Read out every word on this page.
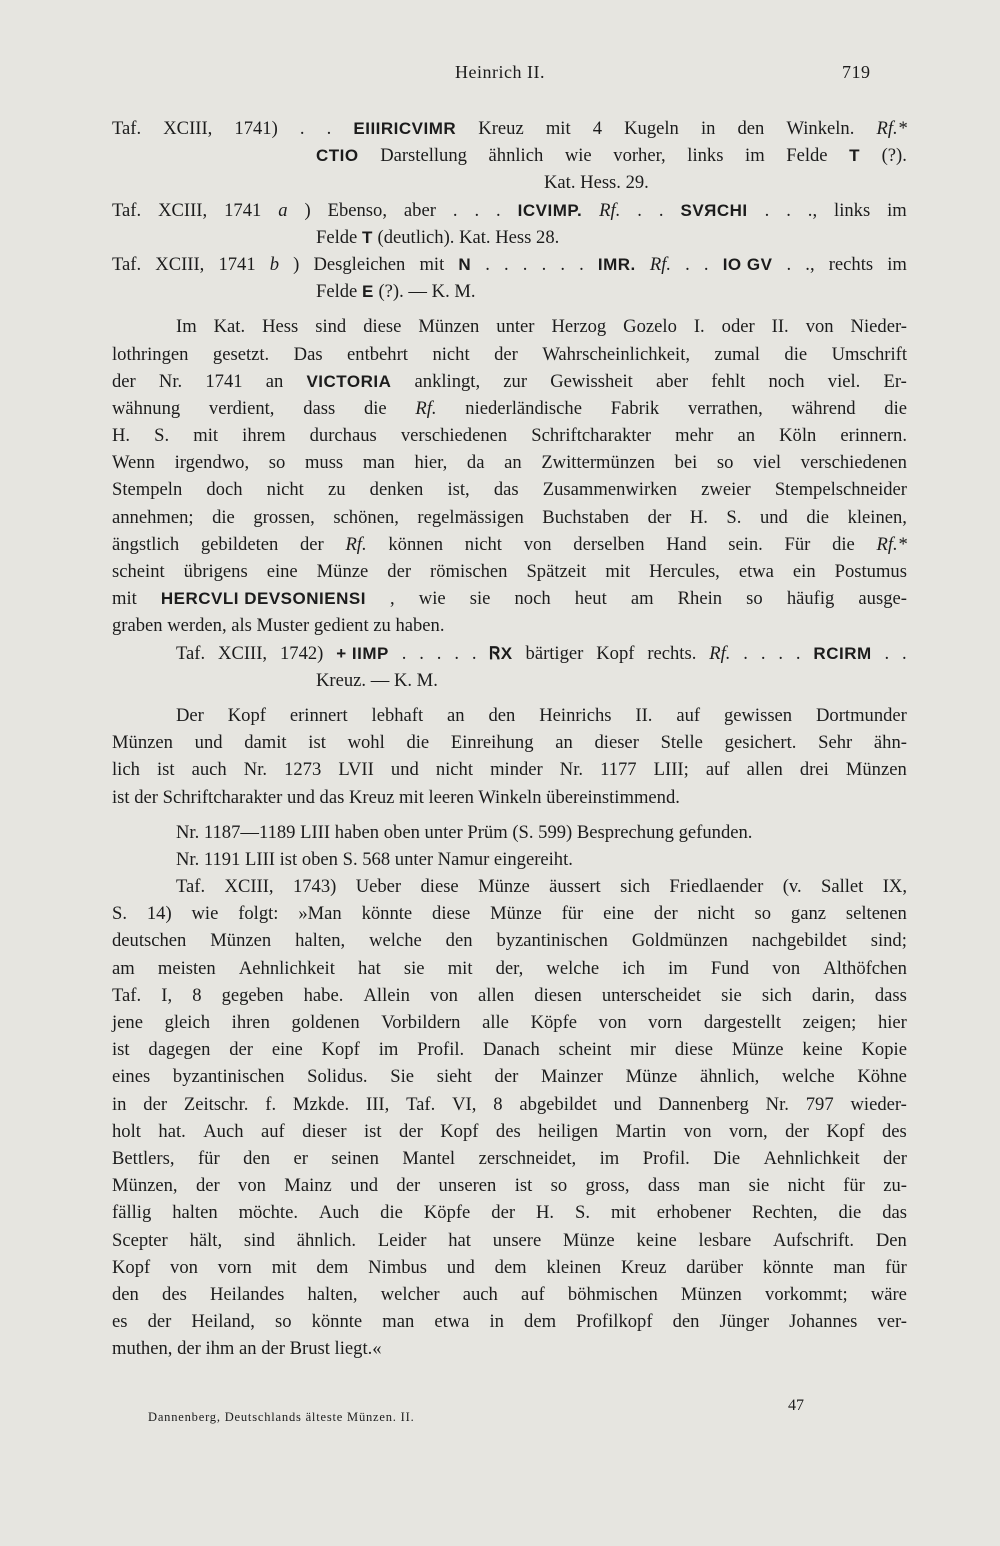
Heinrich II.	719
Taf. XCIII, 1741) . . EIIIRICVIMR Kreuz mit 4 Kugeln in den Winkeln. Rf.*
CTIO Darstellung ähnlich wie vorher, links im Felde T (?).
Kat. Hess. 29.
Taf. XCIII, 1741 a ) Ebenso, aber . . . ICVIMP. Rf. . . SVЯCHI . . ., links im
Felde T (deutlich). Kat. Hess 28.
Taf. XCIII, 1741 b ) Desgleichen mit N . . . . . . IMR. Rf. . . IO GV . ., rechts im
Felde E (?). — K. M.
Im Kat. Hess sind diese Münzen unter Herzog Gozelo I. oder II. von Nieder-
lothringen gesetzt. Das entbehrt nicht der Wahrscheinlichkeit, zumal die Umschrift
der Nr. 1741 an VICTORIA anklingt, zur Gewissheit aber fehlt noch viel. Er-
wähnung verdient, dass die Rf. niederländische Fabrik verrathen, während die
H. S. mit ihrem durchaus verschiedenen Schriftcharakter mehr an Köln erinnern.
Wenn irgendwo, so muss man hier, da an Zwittermünzen bei so viel verschiedenen
Stempeln doch nicht zu denken ist, das Zusammenwirken zweier Stempelschneider
annehmen; die grossen, schönen, regelmässigen Buchstaben der H. S. und die kleinen,
ängstlich gebildeten der Rf. können nicht von derselben Hand sein. Für die Rf.*
scheint übrigens eine Münze der römischen Spätzeit mit Hercules, etwa ein Postumus
mit HERCVLI DEVSONIENSI , wie sie noch heut am Rhein so häufig ausge-
graben werden, als Muster gedient zu haben.
Taf. XCIII, 1742) + IIMP . . . . . ᏒX bärtiger Kopf rechts. Rf. . . . . RCIRM . .
Kreuz. — K. M.
Der Kopf erinnert lebhaft an den Heinrichs II. auf gewissen Dortmunder
Münzen und damit ist wohl die Einreihung an dieser Stelle gesichert. Sehr ähn-
lich ist auch Nr. 1273 LVII und nicht minder Nr. 1177 LIII; auf allen drei Münzen
ist der Schriftcharakter und das Kreuz mit leeren Winkeln übereinstimmend.
Nr. 1187—1189 LIII haben oben unter Prüm (S. 599) Besprechung gefunden.
Nr. 1191 LIII ist oben S. 568 unter Namur eingereiht.
Taf. XCIII, 1743) Ueber diese Münze äussert sich Friedlaender (v. Sallet IX,
S. 14) wie folgt: »Man könnte diese Münze für eine der nicht so ganz seltenen
deutschen Münzen halten, welche den byzantinischen Goldmünzen nachgebildet sind;
am meisten Aehnlichkeit hat sie mit der, welche ich im Fund von Althöfchen
Taf. I, 8 gegeben habe. Allein von allen diesen unterscheidet sie sich darin, dass
jene gleich ihren goldenen Vorbildern alle Köpfe von vorn dargestellt zeigen; hier
ist dagegen der eine Kopf im Profil. Danach scheint mir diese Münze keine Kopie
eines byzantinischen Solidus. Sie sieht der Mainzer Münze ähnlich, welche Köhne
in der Zeitschr. f. Mzkde. III, Taf. VI, 8 abgebildet und Dannenberg Nr. 797 wieder-
holt hat. Auch auf dieser ist der Kopf des heiligen Martin von vorn, der Kopf des
Bettlers, für den er seinen Mantel zerschneidet, im Profil. Die Aehnlichkeit der
Münzen, der von Mainz und der unseren ist so gross, dass man sie nicht für zu-
fällig halten möchte. Auch die Köpfe der H. S. mit erhobener Rechten, die das
Scepter hält, sind ähnlich. Leider hat unsere Münze keine lesbare Aufschrift. Den
Kopf von vorn mit dem Nimbus und dem kleinen Kreuz darüber könnte man für
den des Heilandes halten, welcher auch auf böhmischen Münzen vorkommt; wäre
es der Heiland, so könnte man etwa in dem Profilkopf den Jünger Johannes ver-
muthen, der ihm an der Brust liegt.«
Dannenberg, Deutschlands älteste Münzen. II.
47
